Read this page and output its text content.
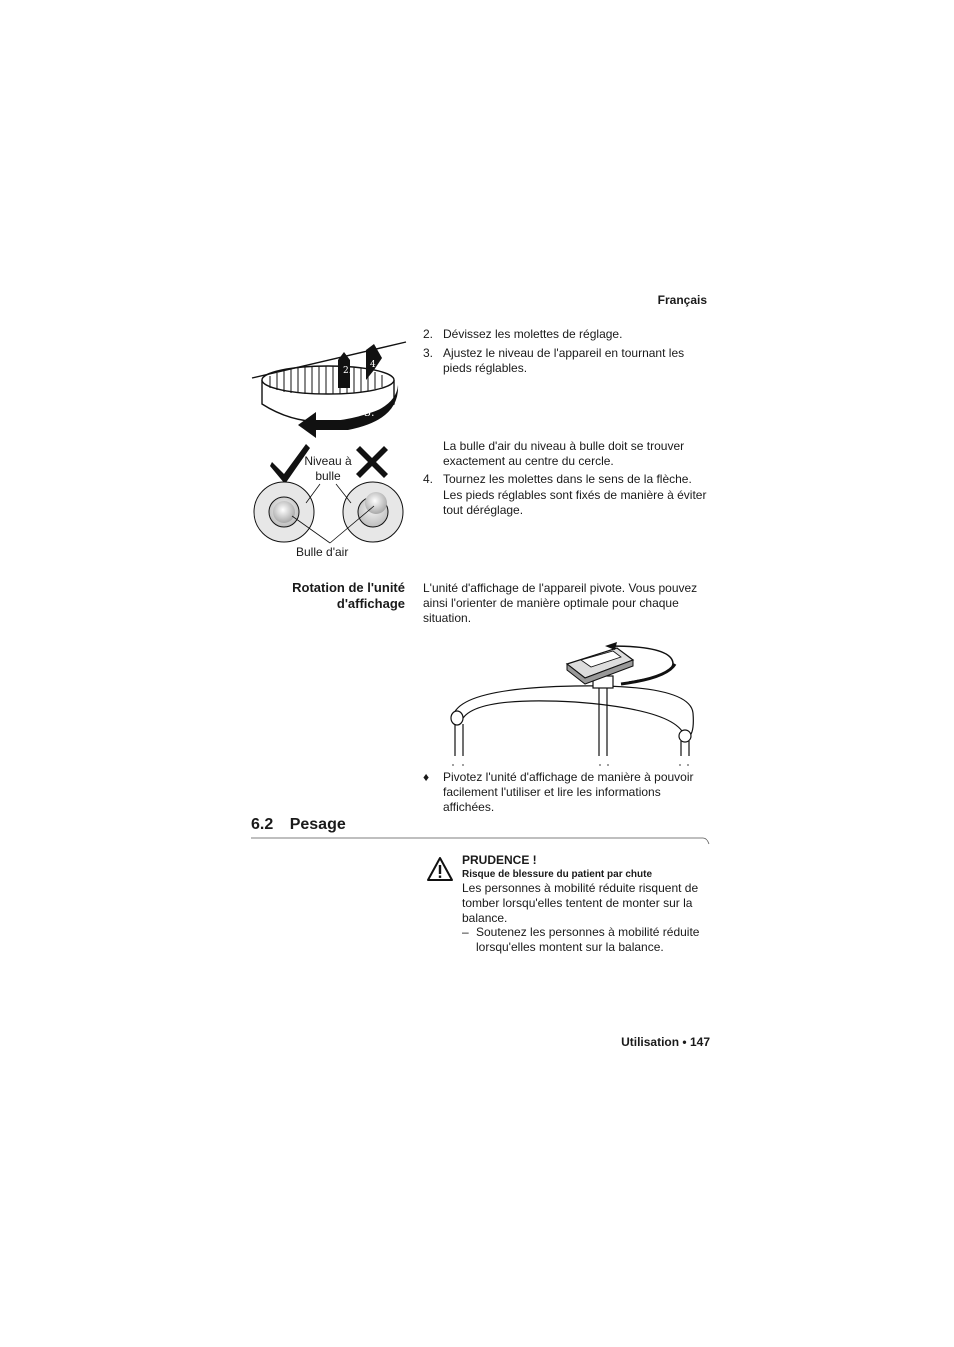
Français
2. Dévissez les molettes de réglage.
3. Ajustez le niveau de l'appareil en tournant les pieds réglables.
2.
4.
3.
La bulle d'air du niveau à bulle doit se trouver exactement au centre du cercle.
4. Tournez les molettes dans le sens de la flèche.
Les pieds réglables sont fixés de manière à éviter tout déréglage.
Niveau à
bulle
Bulle d'air
Rotation de l'unité
d'affichage
L'unité d'affichage de l'appareil pivote. Vous pouvez ainsi l'orienter de manière optimale pour chaque situation.
♦ Pivotez l'unité d'affichage de manière à pouvoir facilement l'utiliser et lire les informations affichées.
6.2 Pesage
PRUDENCE !
Risque de blessure du patient par chute
Les personnes à mobilité réduite risquent de tomber lorsqu'elles tentent de monter sur la balance.
– Soutenez les personnes à mobilité réduite lorsqu'elles montent sur la balance.
Utilisation • 147
